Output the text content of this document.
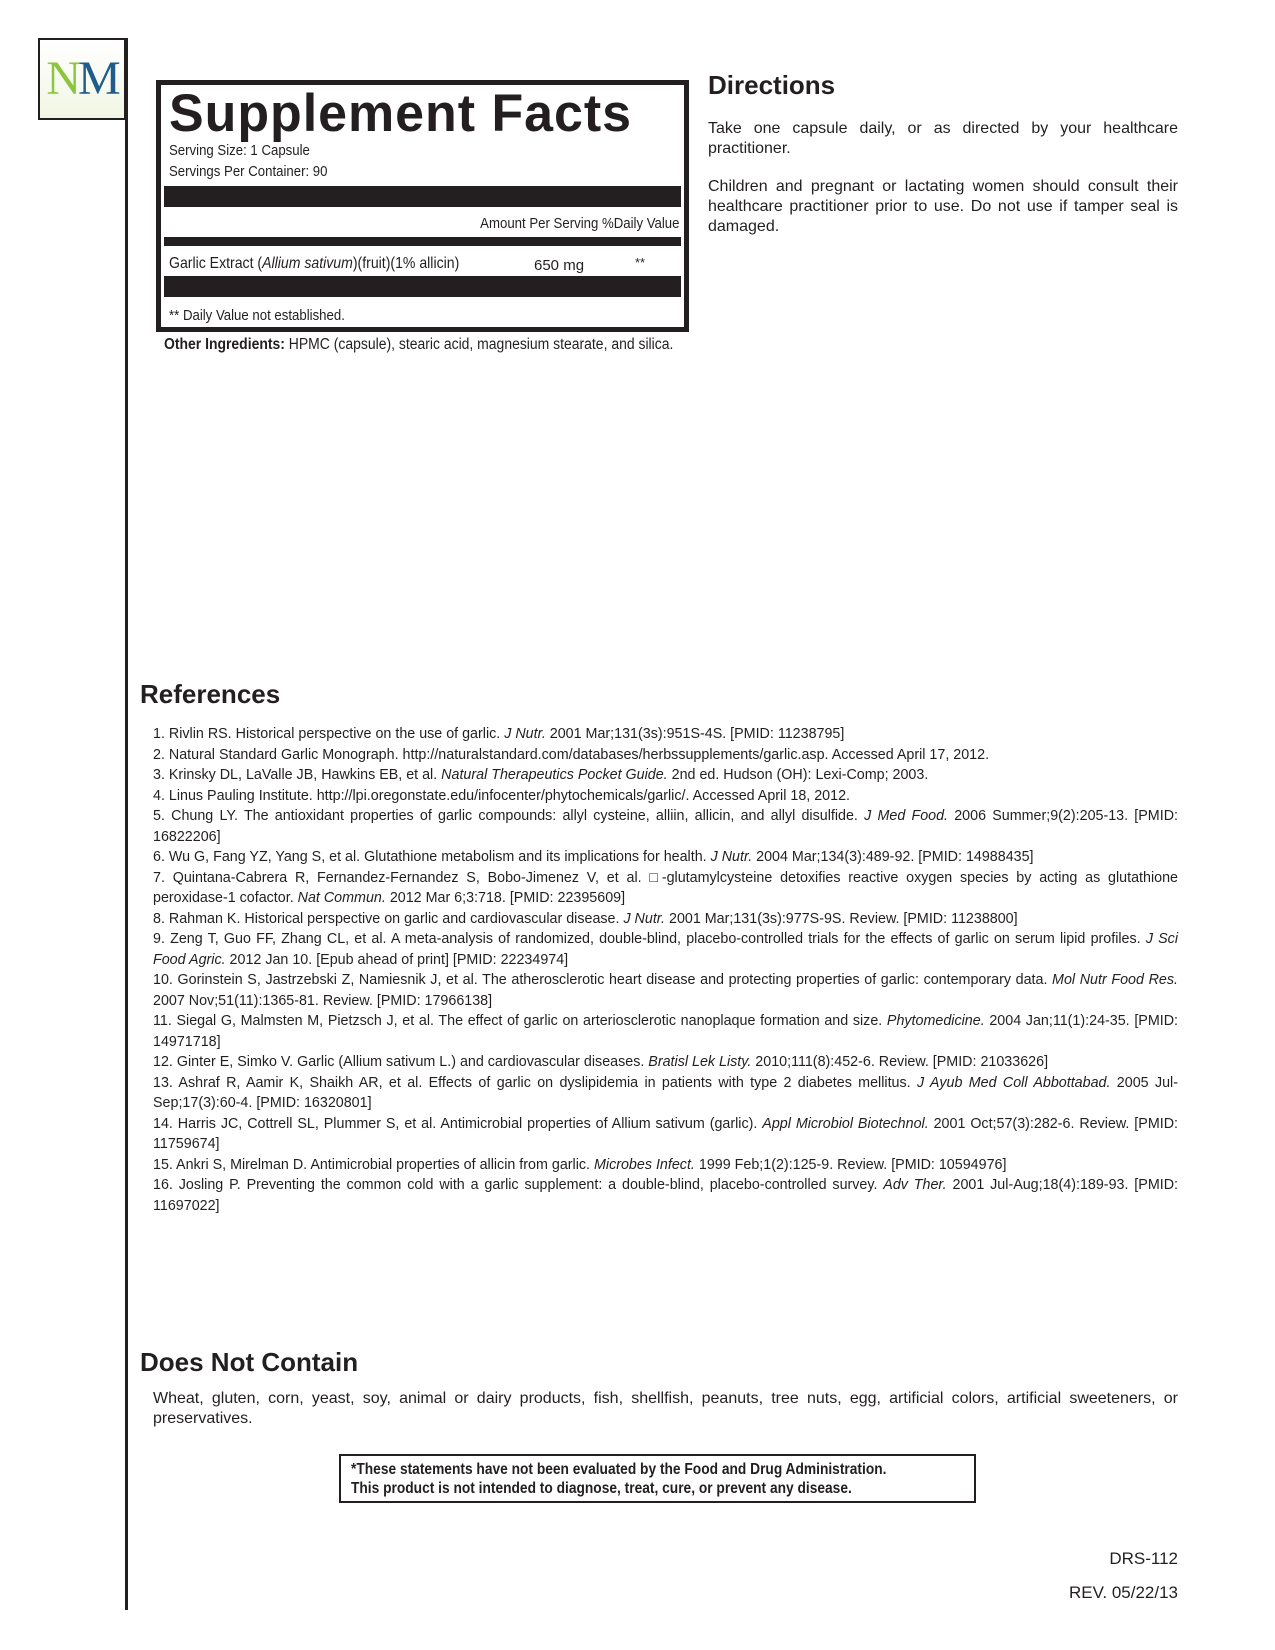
N M
Supplement Facts
Serving Size: 1 Capsule
Servings Per Container: 90
Amount Per Serving %Daily Value
Garlic Extract (Allium sativum)(fruit)(1% allicin)	650 mg	**
** Daily Value not established.
Other Ingredients: HPMC (capsule), stearic acid, magnesium stearate, and silica.
Directions

Take one capsule daily, or as directed by your healthcare practitioner.

Children and pregnant or lactating women should consult their healthcare practitioner prior to use. Do not use if tamper seal is damaged.

References
1. Rivlin RS. Historical perspective on the use of garlic. J Nutr. 2001 Mar;131(3s):951S-4S. [PMID: 11238795]
2. Natural Standard Garlic Monograph. http://naturalstandard.com/databases/herbssupplements/garlic.asp. Accessed April 17, 2012.
3. Krinsky DL, LaValle JB, Hawkins EB, et al. Natural Therapeutics Pocket Guide. 2nd ed. Hudson (OH): Lexi-Comp; 2003.
4. Linus Pauling Institute. http://lpi.oregonstate.edu/infocenter/phytochemicals/garlic/. Accessed April 18, 2012.
5. Chung LY. The antioxidant properties of garlic compounds: allyl cysteine, alliin, allicin, and allyl disulfide. J Med Food. 2006 Summer;9(2):205-13. [PMID: 16822206]
6. Wu G, Fang YZ, Yang S, et al. Glutathione metabolism and its implications for health. J Nutr. 2004 Mar;134(3):489-92. [PMID: 14988435]
7. Quintana-Cabrera R, Fernandez-Fernandez S, Bobo-Jimenez V, et al. □-glutamylcysteine detoxifies reactive oxygen species by acting as glutathione peroxidase-1 cofactor. Nat Commun. 2012 Mar 6;3:718. [PMID: 22395609]
8. Rahman K. Historical perspective on garlic and cardiovascular disease. J Nutr. 2001 Mar;131(3s):977S-9S. Review. [PMID: 11238800]
9. Zeng T, Guo FF, Zhang CL, et al. A meta-analysis of randomized, double-blind, placebo-controlled trials for the effects of garlic on serum lipid profiles. J Sci Food Agric. 2012 Jan 10. [Epub ahead of print] [PMID: 22234974]
10. Gorinstein S, Jastrzebski Z, Namiesnik J, et al. The atherosclerotic heart disease and protecting properties of garlic: contemporary data. Mol Nutr Food Res. 2007 Nov;51(11):1365-81. Review. [PMID: 17966138]
11. Siegal G, Malmsten M, Pietzsch J, et al. The effect of garlic on arteriosclerotic nanoplaque formation and size. Phytomedicine. 2004 Jan;11(1):24-35. [PMID: 14971718]
12. Ginter E, Simko V. Garlic (Allium sativum L.) and cardiovascular diseases. Bratisl Lek Listy. 2010;111(8):452-6. Review. [PMID: 21033626]
13. Ashraf R, Aamir K, Shaikh AR, et al. Effects of garlic on dyslipidemia in patients with type 2 diabetes mellitus. J Ayub Med Coll Abbottabad. 2005 Jul-Sep;17(3):60-4. [PMID: 16320801]
14. Harris JC, Cottrell SL, Plummer S, et al. Antimicrobial properties of Allium sativum (garlic). Appl Microbiol Biotechnol. 2001 Oct;57(3):282-6. Review. [PMID: 11759674]
15. Ankri S, Mirelman D. Antimicrobial properties of allicin from garlic. Microbes Infect. 1999 Feb;1(2):125-9. Review. [PMID: 10594976]
16. Josling P. Preventing the common cold with a garlic supplement: a double-blind, placebo-controlled survey. Adv Ther. 2001 Jul-Aug;18(4):189-93. [PMID: 11697022]
Does Not Contain
Wheat, gluten, corn, yeast, soy, animal or dairy products, fish, shellfish, peanuts, tree nuts, egg, artificial colors, artificial sweeteners, or preservatives.
*These statements have not been evaluated by the Food and Drug Administration.
This product is not intended to diagnose, treat, cure, or prevent any disease.
DRS-112
REV. 05/22/13
